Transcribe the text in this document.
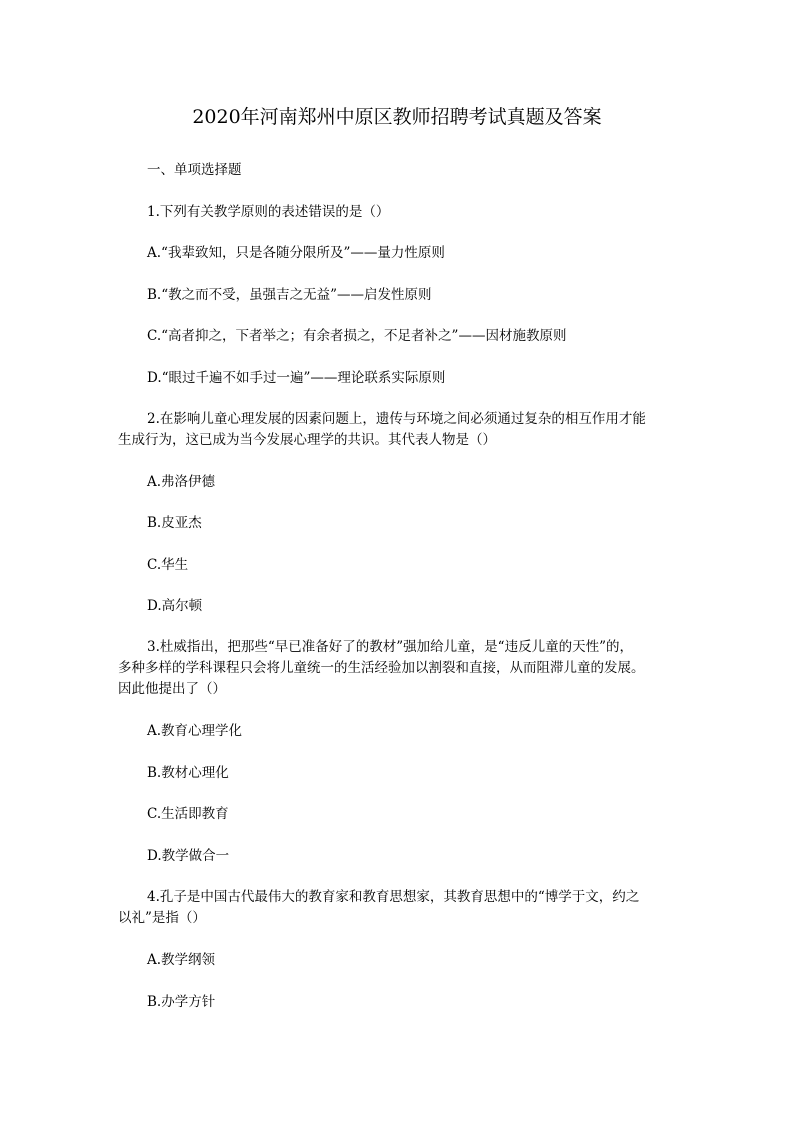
2020年河南郑州中原区教师招聘考试真题及答案
一、单项选择题
1.下列有关教学原则的表述错误的是（）
A.“我辈致知，只是各随分限所及”——量力性原则
B.“教之而不受，虽强吉之无益”——启发性原则
C.“高者抑之，下者举之；有余者损之，不足者补之”——因材施教原则
D.“眼过千遍不如手过一遍”——理论联系实际原则
2.在影响儿童心理发展的因素问题上，遗传与环境之间必须通过复杂的相互作用才能
生成行为，这已成为当今发展心理学的共识。其代表人物是（）
A.弗洛伊德
B.皮亚杰
C.华生
D.高尔顿
3.杜威指出，把那些“早已准备好了的教材”强加给儿童，是“违反儿童的天性”的，
多种多样的学科课程只会将儿童统一的生活经验加以割裂和直接，从而阻滞儿童的发展。
因此他提出了（）
A.教育心理学化
B.教材心理化
C.生活即教育
D.教学做合一
4.孔子是中国古代最伟大的教育家和教育思想家，其教育思想中的“博学于文，约之
以礼”是指（）
A.教学纲领
B.办学方针
